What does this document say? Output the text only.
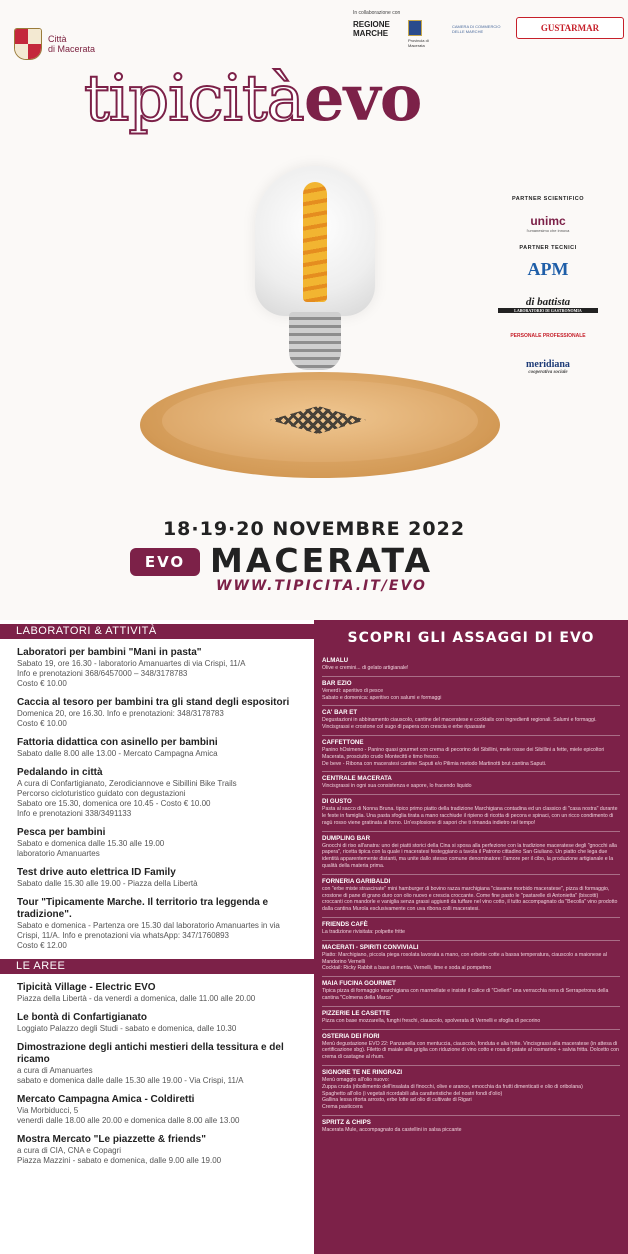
Città
di Macerata
In collaborazione con
REGIONE
MARCHE
Provincia di Macerata
CAMERA DI COMMERCIO DELLE MARCHE	GUSTARMAR
tipicitàevo
PARTNER SCIENTIFICO
unimc
l'umanesimo che innova
PARTNER TECNICI
APM
di battista
LABORATORIO DI GASTRONOMIA
PERSONALE PROFESSIONALE
meridiana
cooperativa sociale
18·19·20 NOVEMBRE 2022
EVO MACERATA
WWW.TIPICITA.IT/EVO
LABORATORI & ATTIVITÀ
Laboratori per bambini "Mani in pasta"
Sabato 19, ore 16.30 - laboratorio Amanuartes di via Crispi, 11/A
Info e prenotazioni 368/6457000 – 348/3178783
Costo € 10.00
Caccia al tesoro per bambini tra gli stand degli espositori
Domenica 20, ore 16.30. Info e prenotazioni: 348/3178783
Costo € 10.00
Fattoria didattica con asinello per bambini
Sabato dalle 8.00 alle 13.00 - Mercato Campagna Amica
Pedalando in città
A cura di Confartigianato, Zerodiciannove e Sibillini Bike Trails
Percorso cicloturistico guidato con degustazioni
Sabato ore 15.30, domenica ore 10.45 - Costo € 10.00
Info e prenotazioni 338/3491133
Pesca per bambini
Sabato e domenica dalle 15.30 alle 19.00
laboratorio Amanuartes
Test drive auto elettrica ID Family
Sabato dalle 15.30 alle 19.00 - Piazza della Libertà
Tour "Tipicamente Marche. Il territorio tra leggenda e tradizione".
Sabato e domenica - Partenza ore 15.30 dal laboratorio Amanuartes in via Crispi, 11/A. Info e prenotazioni via whatsApp: 347/1760893
Costo € 12.00
LE AREE
Tipicità Village - Electric EVO
Piazza della Libertà - da venerdì a domenica, dalle 11.00 alle 20.00
Le bontà di Confartigianato
Loggiato Palazzo degli Studi - sabato e domenica, dalle 10.30
Dimostrazione degli antichi mestieri della tessitura e del ricamo
a cura di Amanuartes
sabato e domenica dalle dalle 15.30 alle 19.00 - Via Crispi, 11/A
Mercato Campagna Amica - Coldiretti
Via Morbiducci, 5
venerdì dalle 18.00 alle 20.00 e domenica dalle 8.00 alle 13.00
Mostra Mercato "Le piazzette & friends"
a cura di CIA, CNA e Copagri
Piazza Mazzini - sabato e domenica, dalle 9.00 alle 19.00
SCOPRI GLI ASSAGGI DI EVO
ALMALU
Olive e cremini... di gelato artigianale!
BAR EZIO
Venerdì: aperitivo di pesce
Sabato e domenica: aperitivo con salumi e formaggi
CA' BAR ET
Degustazioni in abbinamento ciauscolo, cantine del maceratese e cocktails con ingredienti regionali. Salumi e formaggi. Vincisgrassi e crostone col sugo di papera con crescia e erbe ripassate
CAFFETTONE
Panino hOsimeno - Panino quasi gourmet con crema di pecorino dei Sibillini, mele rosse dei Sibillini a fette, miele epicoltori Macerata, prosciutto crudo Montecitti e timo fresco.
De beve - Ribona con maceratesi cantine Saputi e/o Pilimia metodo Martinotti brut cantina Saputi.
CENTRALE MACERATA
Vincisgrassi in ogni sua consistenza e sapore, lo fracendo liquido
DI GUSTO
Pasta al sacco di Nonna Bruna. tipico primo piatto della tradizione Marchigiana contadina ed un classico di "casa nostra" durante le feste in famiglia. Una pasta sfoglia tirata a mano racchiude il ripieno di ricotta di pecora e spinaci, con un ricco condimento di ragù rosso viene gratinata al forno. Un'esplosione di sapori che ti rimanda indietro nel tempo!
DUMPLING BAR
Gnocchi di riso all'anatra: uno dei piatti storici della Cina si sposa alla perfezione con la tradizione maceratese degli "gnocchi alla papera", ricetta tipica con la quale i maceratesi festeggiano a tavola il Patrono cittadino San Giuliano. Un piatto che lega due identità apparentemente distanti, ma unite dallo stesso comune denominatore: l'amore per il cibo, la produzione artigianale e la qualità della materia prima.
FORNERIA GARIBALDI
con "erbe miste strascinate" mini hamburger di bovino razza marchigiana "ciavame morbido maceratese", pizza di formaggio, crostone di pane di grano duro con olio nuovo e crescia croccante. Come fine pasto le "pastarelle di Antonietta" (biscotti) croccanti con mandorle e vaniglia senza grassi aggiunti da tuffare nel vino cotto, il tutto accompagnato da "Becolla" vino prodotto dalla cantina Murola esclusivamente con uva ribona colli maceratesi.
FRIENDS CAFÈ
La tradizione rivisitata: polpette fritte
MACERATI - SPIRITI CONVIVIALI
Piatto: Marchigiano, piccola piega rosolata lavorata a mano, con erbette cotte a bassa temperatura, ciauscolo a maionese al Mandorino Vernelli
Cocktail: Ricky Rabbit a base di menta, Vernelli, lime e soda al pompelmo
MAIA FUCINA GOURMET
Tipica pizza di formaggio marchigiana con marmellate e insiste il calice di "Ciellert" una verracchia nera di Serrapetrona della cantina "Colmena della Marca"
PIZZERIE LE CASETTE
Pizza con base mozzarella, funghi freschi, ciauscolo, spolverata di Vernelli e sfoglia di pecorino
OSTERIA DEI FIORI
Menù degustazione EVO 22: Panzanella con mentuccia, ciauscolo, fonduta e alia fritte. Vincisgrassi alla maceratese (in attesa di certificazione sbg). Filetto di maiale alla griglia con riduzione di vino cotto e rosa di patate al rosmarino + salvia fritta. Dolcetto con crema di castagne al rhum.
SIGNORE TE NE RINGRAZI
Menù omaggio all'olio nuovo:
Zuppa cruda (ribollimento dell'insalata di finocchi, olive e arance, emocchia da frutti dimenticati e olio di oribolana)
Spaghetto all'olio (i vegetali ricordabili alla caratteristiche del nostri fondi d'olio)
Gallina lessa ritorta arrosto, erbe lotte ad olio di cultivate di Rigari
Crema pasticcera
SPRITZ & CHIPS
Macerata Mule, accompagnato da castellini in salsa piccante
